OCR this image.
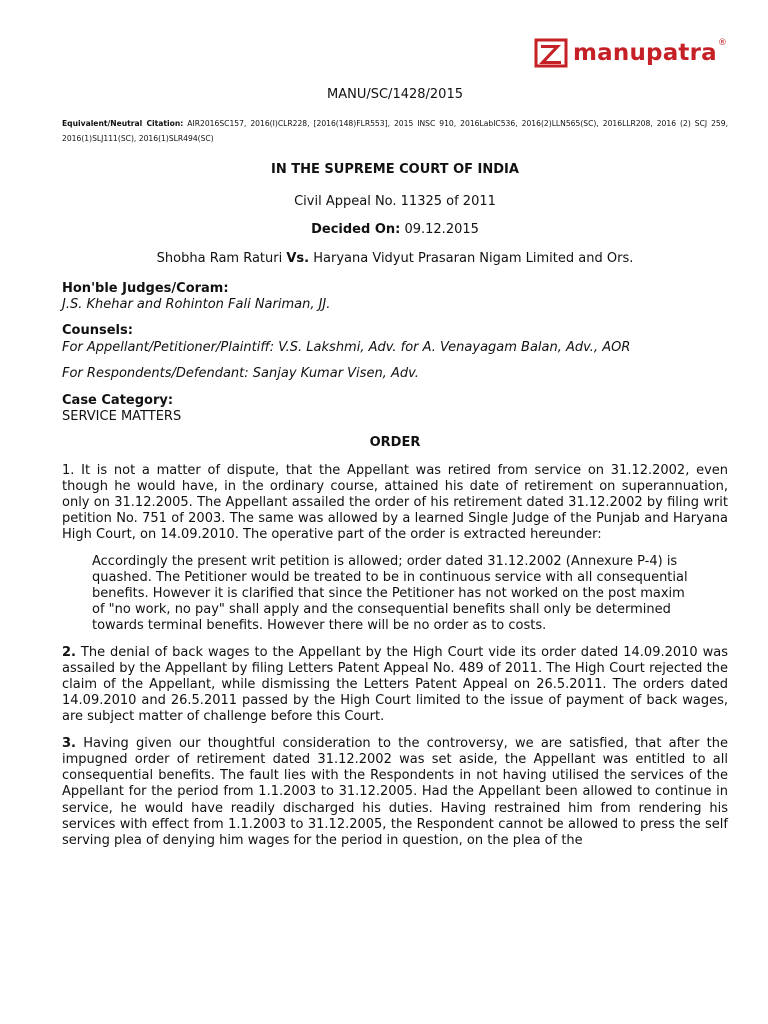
manupatra ®
MANU/SC/1428/2015
Equivalent/Neutral Citation: AIR2016SC157, 2016(I)CLR228, [2016(148)FLR553], 2015 INSC 910, 2016LabIC536, 2016(2)LLN565(SC), 2016LLR208, 2016 (2) SCJ 259, 2016(1)SLJ111(SC), 2016(1)SLR494(SC)
IN THE SUPREME COURT OF INDIA
Civil Appeal No. 11325 of 2011
Decided On: 09.12.2015
Shobha Ram Raturi Vs. Haryana Vidyut Prasaran Nigam Limited and Ors.
Hon'ble Judges/Coram:
J.S. Khehar and Rohinton Fali Nariman, JJ.
Counsels:
For Appellant/Petitioner/Plaintiff: V.S. Lakshmi, Adv. for A. Venayagam Balan, Adv., AOR
For Respondents/Defendant: Sanjay Kumar Visen, Adv.
Case Category:
SERVICE MATTERS
ORDER
1. It is not a matter of dispute, that the Appellant was retired from service on 31.12.2002, even though he would have, in the ordinary course, attained his date of retirement on superannuation, only on 31.12.2005. The Appellant assailed the order of his retirement dated 31.12.2002 by filing writ petition No. 751 of 2003. The same was allowed by a learned Single Judge of the Punjab and Haryana High Court, on 14.09.2010. The operative part of the order is extracted hereunder:
Accordingly the present writ petition is allowed; order dated 31.12.2002 (Annexure P-4) is quashed. The Petitioner would be treated to be in continuous service with all consequential benefits. However it is clarified that since the Petitioner has not worked on the post maxim of "no work, no pay" shall apply and the consequential benefits shall only be determined towards terminal benefits. However there will be no order as to costs.
2. The denial of back wages to the Appellant by the High Court vide its order dated 14.09.2010 was assailed by the Appellant by filing Letters Patent Appeal No. 489 of 2011. The High Court rejected the claim of the Appellant, while dismissing the Letters Patent Appeal on 26.5.2011. The orders dated 14.09.2010 and 26.5.2011 passed by the High Court limited to the issue of payment of back wages, are subject matter of challenge before this Court.
3. Having given our thoughtful consideration to the controversy, we are satisfied, that after the impugned order of retirement dated 31.12.2002 was set aside, the Appellant was entitled to all consequential benefits. The fault lies with the Respondents in not having utilised the services of the Appellant for the period from 1.1.2003 to 31.12.2005. Had the Appellant been allowed to continue in service, he would have readily discharged his duties. Having restrained him from rendering his services with effect from 1.1.2003 to 31.12.2005, the Respondent cannot be allowed to press the self serving plea of denying him wages for the period in question, on the plea of the
